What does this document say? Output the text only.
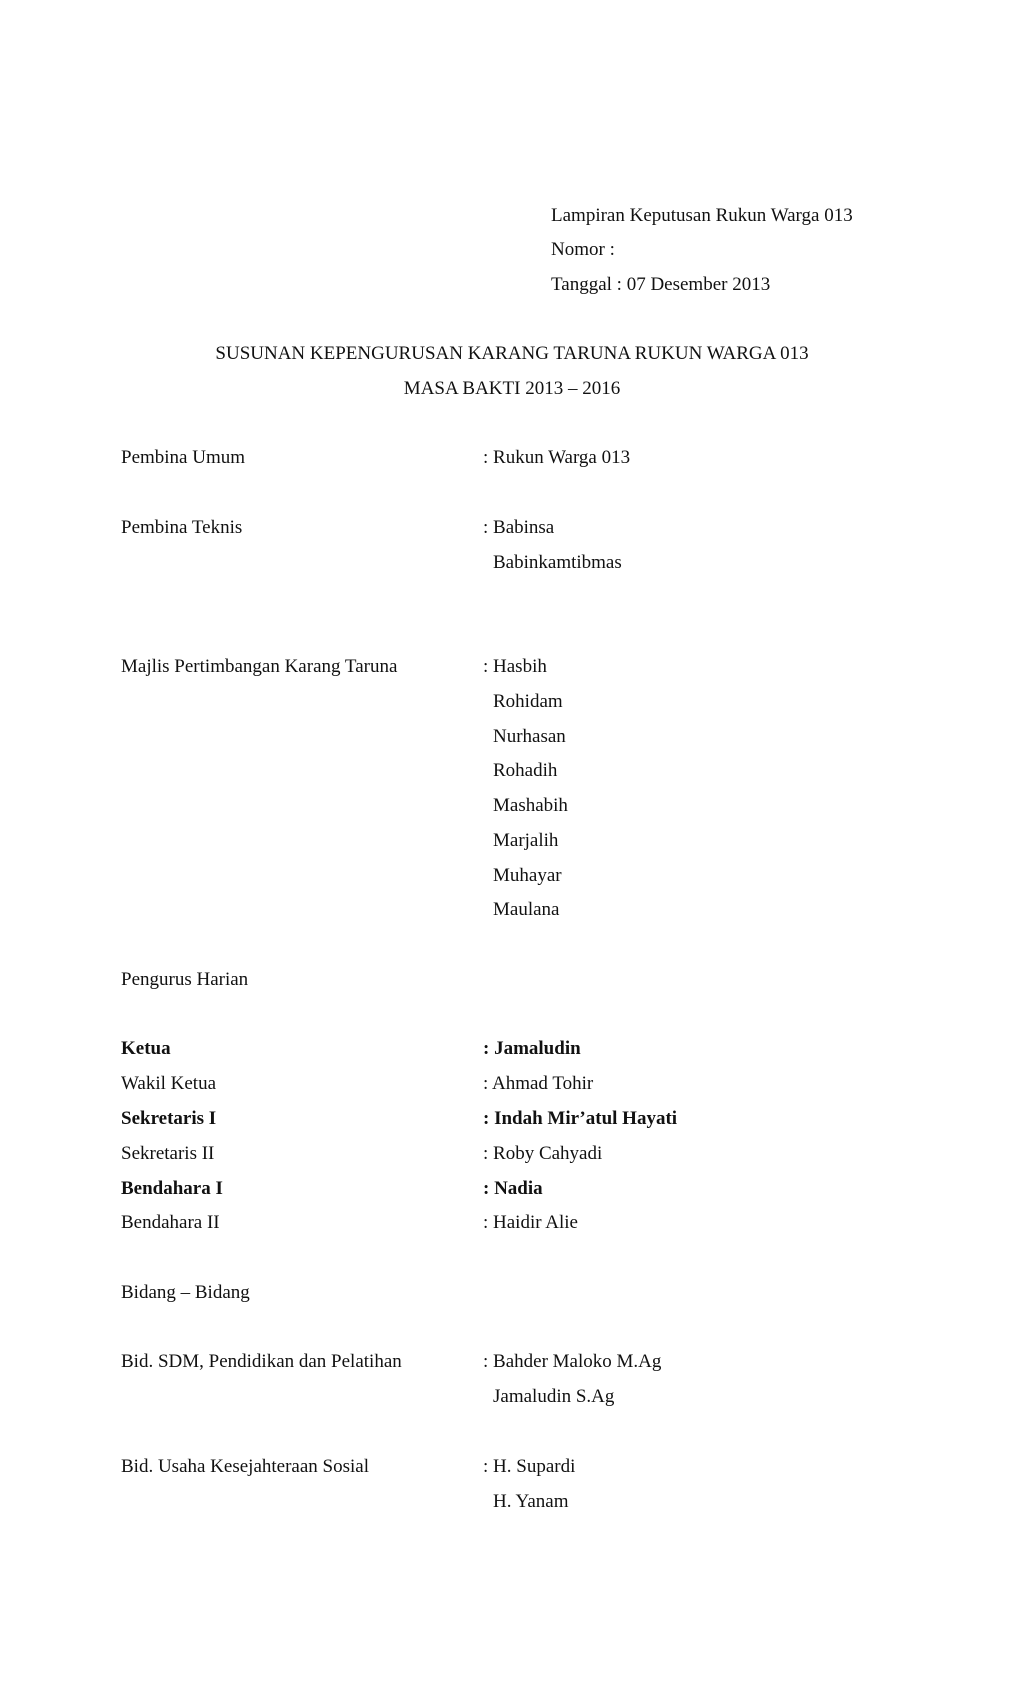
Lampiran Keputusan Rukun Warga 013
Nomor :
Tanggal : 07 Desember 2013
SUSUNAN KEPENGURUSAN KARANG TARUNA RUKUN WARGA 013
MASA BAKTI 2013 – 2016
Pembina Umum	: Rukun Warga 013
Pembina Teknis	: Babinsa
Babinkamtibmas
Majlis Pertimbangan Karang Taruna	: Hasbih
Rohidam
Nurhasan
Rohadih
Mashabih
Marjalih
Muhayar
Maulana
Pengurus Harian
Ketua	: Jamaludin
Wakil Ketua	: Ahmad Tohir
Sekretaris I	: Indah Mir’atul Hayati
Sekretaris II	: Roby Cahyadi
Bendahara I	: Nadia
Bendahara II	: Haidir Alie
Bidang – Bidang
Bid. SDM, Pendidikan dan Pelatihan	: Bahder Maloko M.Ag
Jamaludin S.Ag
Bid. Usaha Kesejahteraan Sosial	: H. Supardi
H. Yanam
